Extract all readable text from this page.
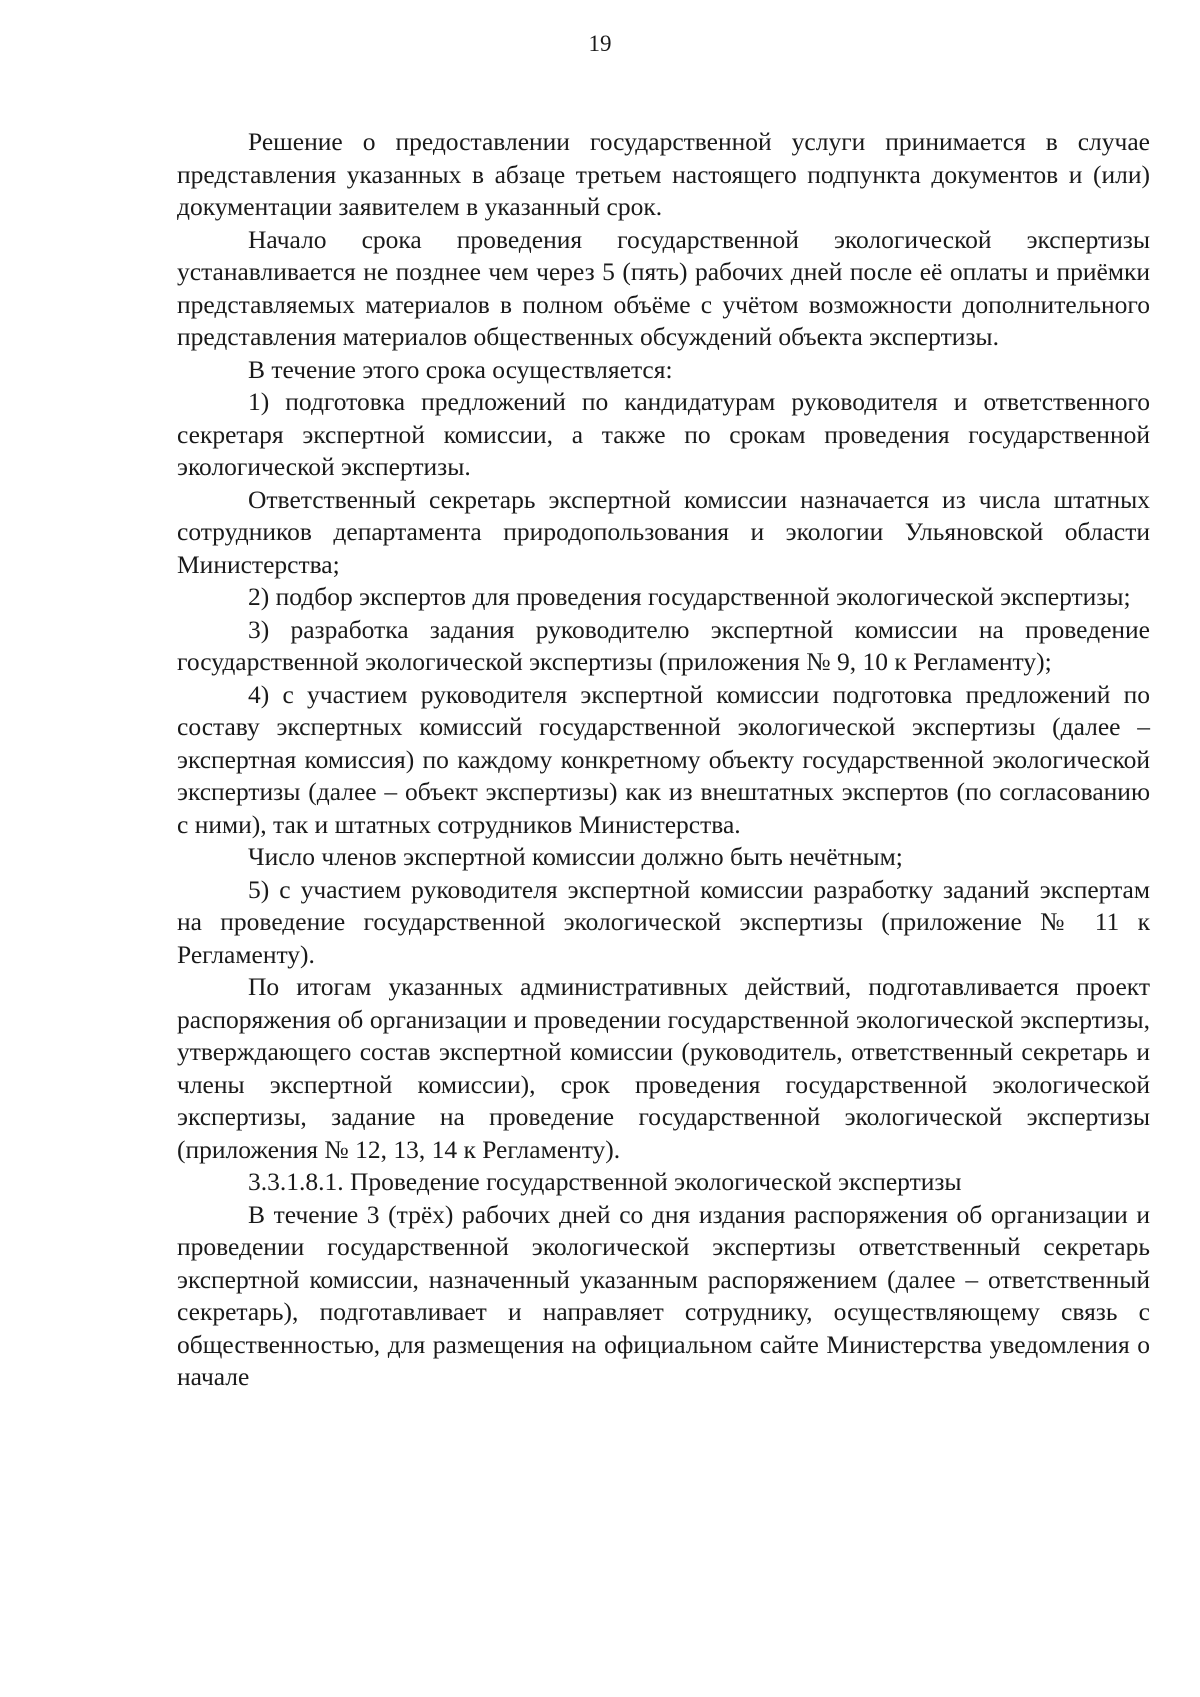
19

Решение о предоставлении государственной услуги принимается в случае представления указанных в абзаце третьем настоящего подпункта документов и (или) документации заявителем в указанный срок.

Начало срока проведения государственной экологической экспертизы устанавливается не позднее чем через 5 (пять) рабочих дней после её оплаты и приёмки представляемых материалов в полном объёме с учётом возможности дополнительного представления материалов общественных обсуждений объекта экспертизы.

В течение этого срока осуществляется:

1) подготовка предложений по кандидатурам руководителя и ответственного секретаря экспертной комиссии, а также по срокам проведения государственной экологической экспертизы.

Ответственный секретарь экспертной комиссии назначается из числа штатных сотрудников департамента природопользования и экологии Ульяновской области Министерства;

2) подбор экспертов для проведения государственной экологической экспертизы;

3) разработка задания руководителю экспертной комиссии на проведение государственной экологической экспертизы (приложения № 9, 10 к Регламенту);

4) с участием руководителя экспертной комиссии подготовка предложений по составу экспертных комиссий государственной экологической экспертизы (далее – экспертная комиссия) по каждому конкретному объекту государственной экологической экспертизы (далее – объект экспертизы) как из внештатных экспертов (по согласованию с ними), так и штатных сотрудников Министерства.

Число членов экспертной комиссии должно быть нечётным;

5) с участием руководителя экспертной комиссии разработку заданий экспертам на проведение государственной экологической экспертизы (приложение № 11 к Регламенту).

По итогам указанных административных действий, подготавливается проект распоряжения об организации и проведении государственной экологической экспертизы, утверждающего состав экспертной комиссии (руководитель, ответственный секретарь и члены экспертной комиссии), срок проведения государственной экологической экспертизы, задание на проведение государственной экологической экспертизы (приложения № 12, 13, 14 к Регламенту).

3.3.1.8.1. Проведение государственной экологической экспертизы

В течение 3 (трёх) рабочих дней со дня издания распоряжения об организации и проведении государственной экологической экспертизы ответственный секретарь экспертной комиссии, назначенный указанным распоряжением (далее – ответственный секретарь), подготавливает и направляет сотруднику, осуществляющему связь с общественностью, для размещения на официальном сайте Министерства уведомления о начале
